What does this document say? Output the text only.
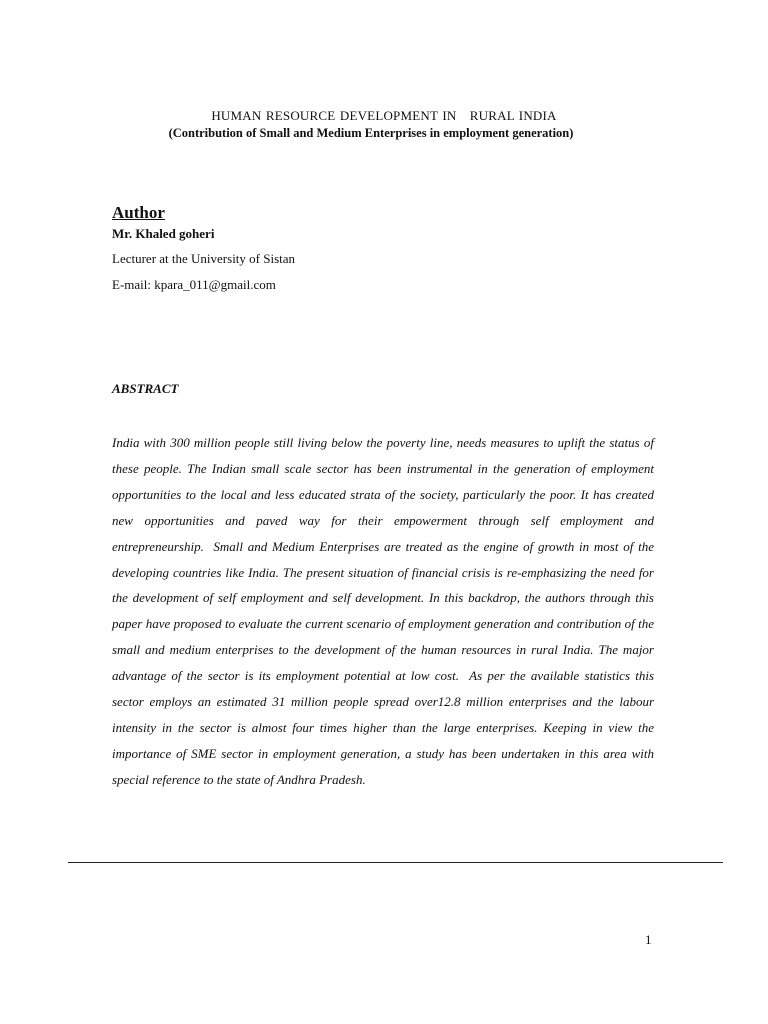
HUMAN RESOURCE DEVELOPMENT IN   RURAL INDIA
(Contribution of Small and Medium Enterprises in employment generation)
Author
Mr. Khaled goheri
Lecturer at the University of Sistan
E-mail: kpara_011@gmail.com
ABSTRACT
India with 300 million people still living below the poverty line, needs measures to uplift the status of these people. The Indian small scale sector has been instrumental in the generation of employment opportunities to the local and less educated strata of the society, particularly the poor. It has created new opportunities and paved way for their empowerment through self employment and entrepreneurship.  Small and Medium Enterprises are treated as the engine of growth in most of the developing countries like India. The present situation of financial crisis is re-emphasizing the need for the development of self employment and self development. In this backdrop, the authors through this paper have proposed to evaluate the current scenario of employment generation and contribution of the small and medium enterprises to the development of the human resources in rural India. The major advantage of the sector is its employment potential at low cost.  As per the available statistics this sector employs an estimated 31 million people spread over12.8 million enterprises and the labour intensity in the sector is almost four times higher than the large enterprises. Keeping in view the importance of SME sector in employment generation, a study has been undertaken in this area with special reference to the state of Andhra Pradesh.
1
